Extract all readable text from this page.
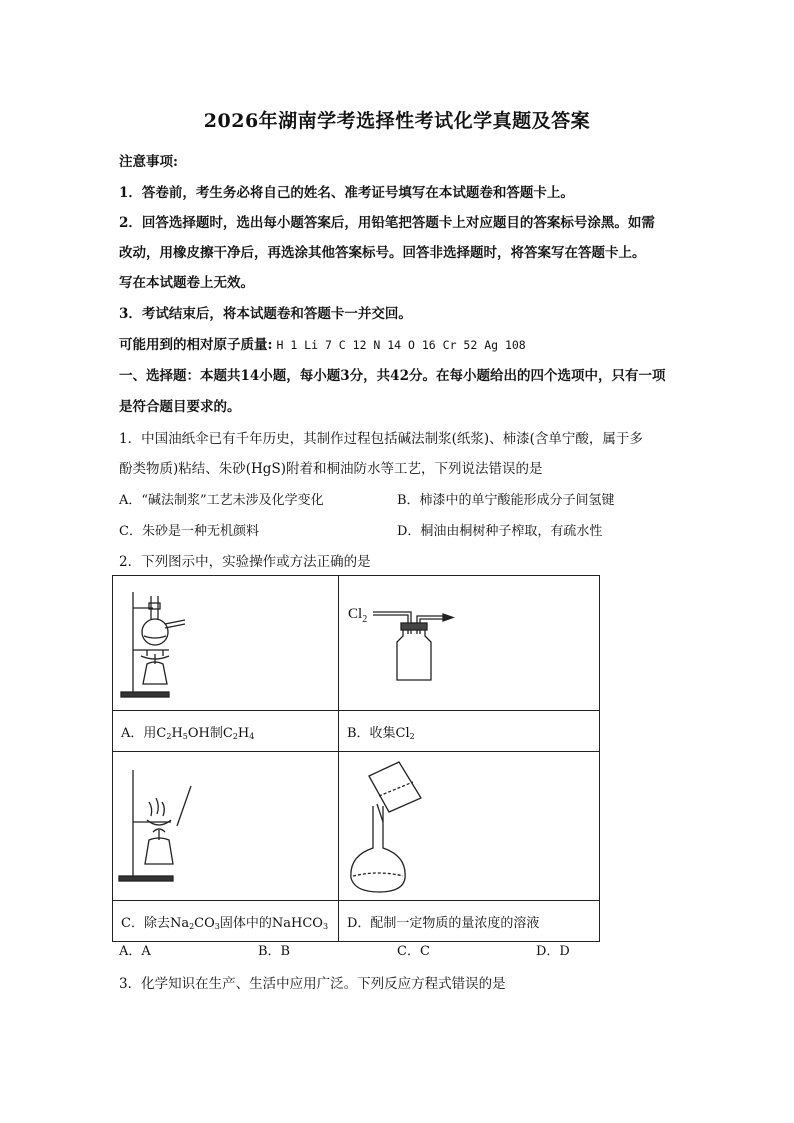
2026年湖南学考选择性考试化学真题及答案
注意事项:
1．答卷前，考生务必将自己的姓名、准考证号填写在本试题卷和答题卡上。
2．回答选择题时，选出每小题答案后，用铅笔把答题卡上对应题目的答案标号涂黑。如需
改动，用橡皮擦干净后，再选涂其他答案标号。回答非选择题时，将答案写在答题卡上。
写在本试题卷上无效。
3．考试结束后，将本试题卷和答题卡一并交回。
可能用到的相对原子质量: H 1 Li 7 C 12 N 14 O 16 Cr 52 Ag 108
一、选择题：本题共14小题，每小题3分，共42分。在每小题给出的四个选项中，只有一项
是符合题目要求的。
1．中国油纸伞已有千年历史，其制作过程包括碱法制浆(纸浆)、柿漆(含单宁酸，属于多
酚类物质)粘结、朱砂(HgS)附着和桐油防水等工艺，下列说法错误的是
A．“碱法制浆”工艺未涉及化学变化	B．柿漆中的单宁酸能形成分子间氢键
C．朱砂是一种无机颜料	D．桐油由桐树种子榨取，有疏水性
2．下列图示中，实验操作或方法正确的是

$Cl_2$

A．用$C_2H_5OH$制$C_2H_4$	B．收集$Cl_2$

C．除去$Na_2CO_3$固体中的NaHCO$_3$	D．配制一定物质的量浓度的溶液
A．A	B．B	C．C	D．D
3．化学知识在生产、生活中应用广泛。下列反应方程式错误的是
